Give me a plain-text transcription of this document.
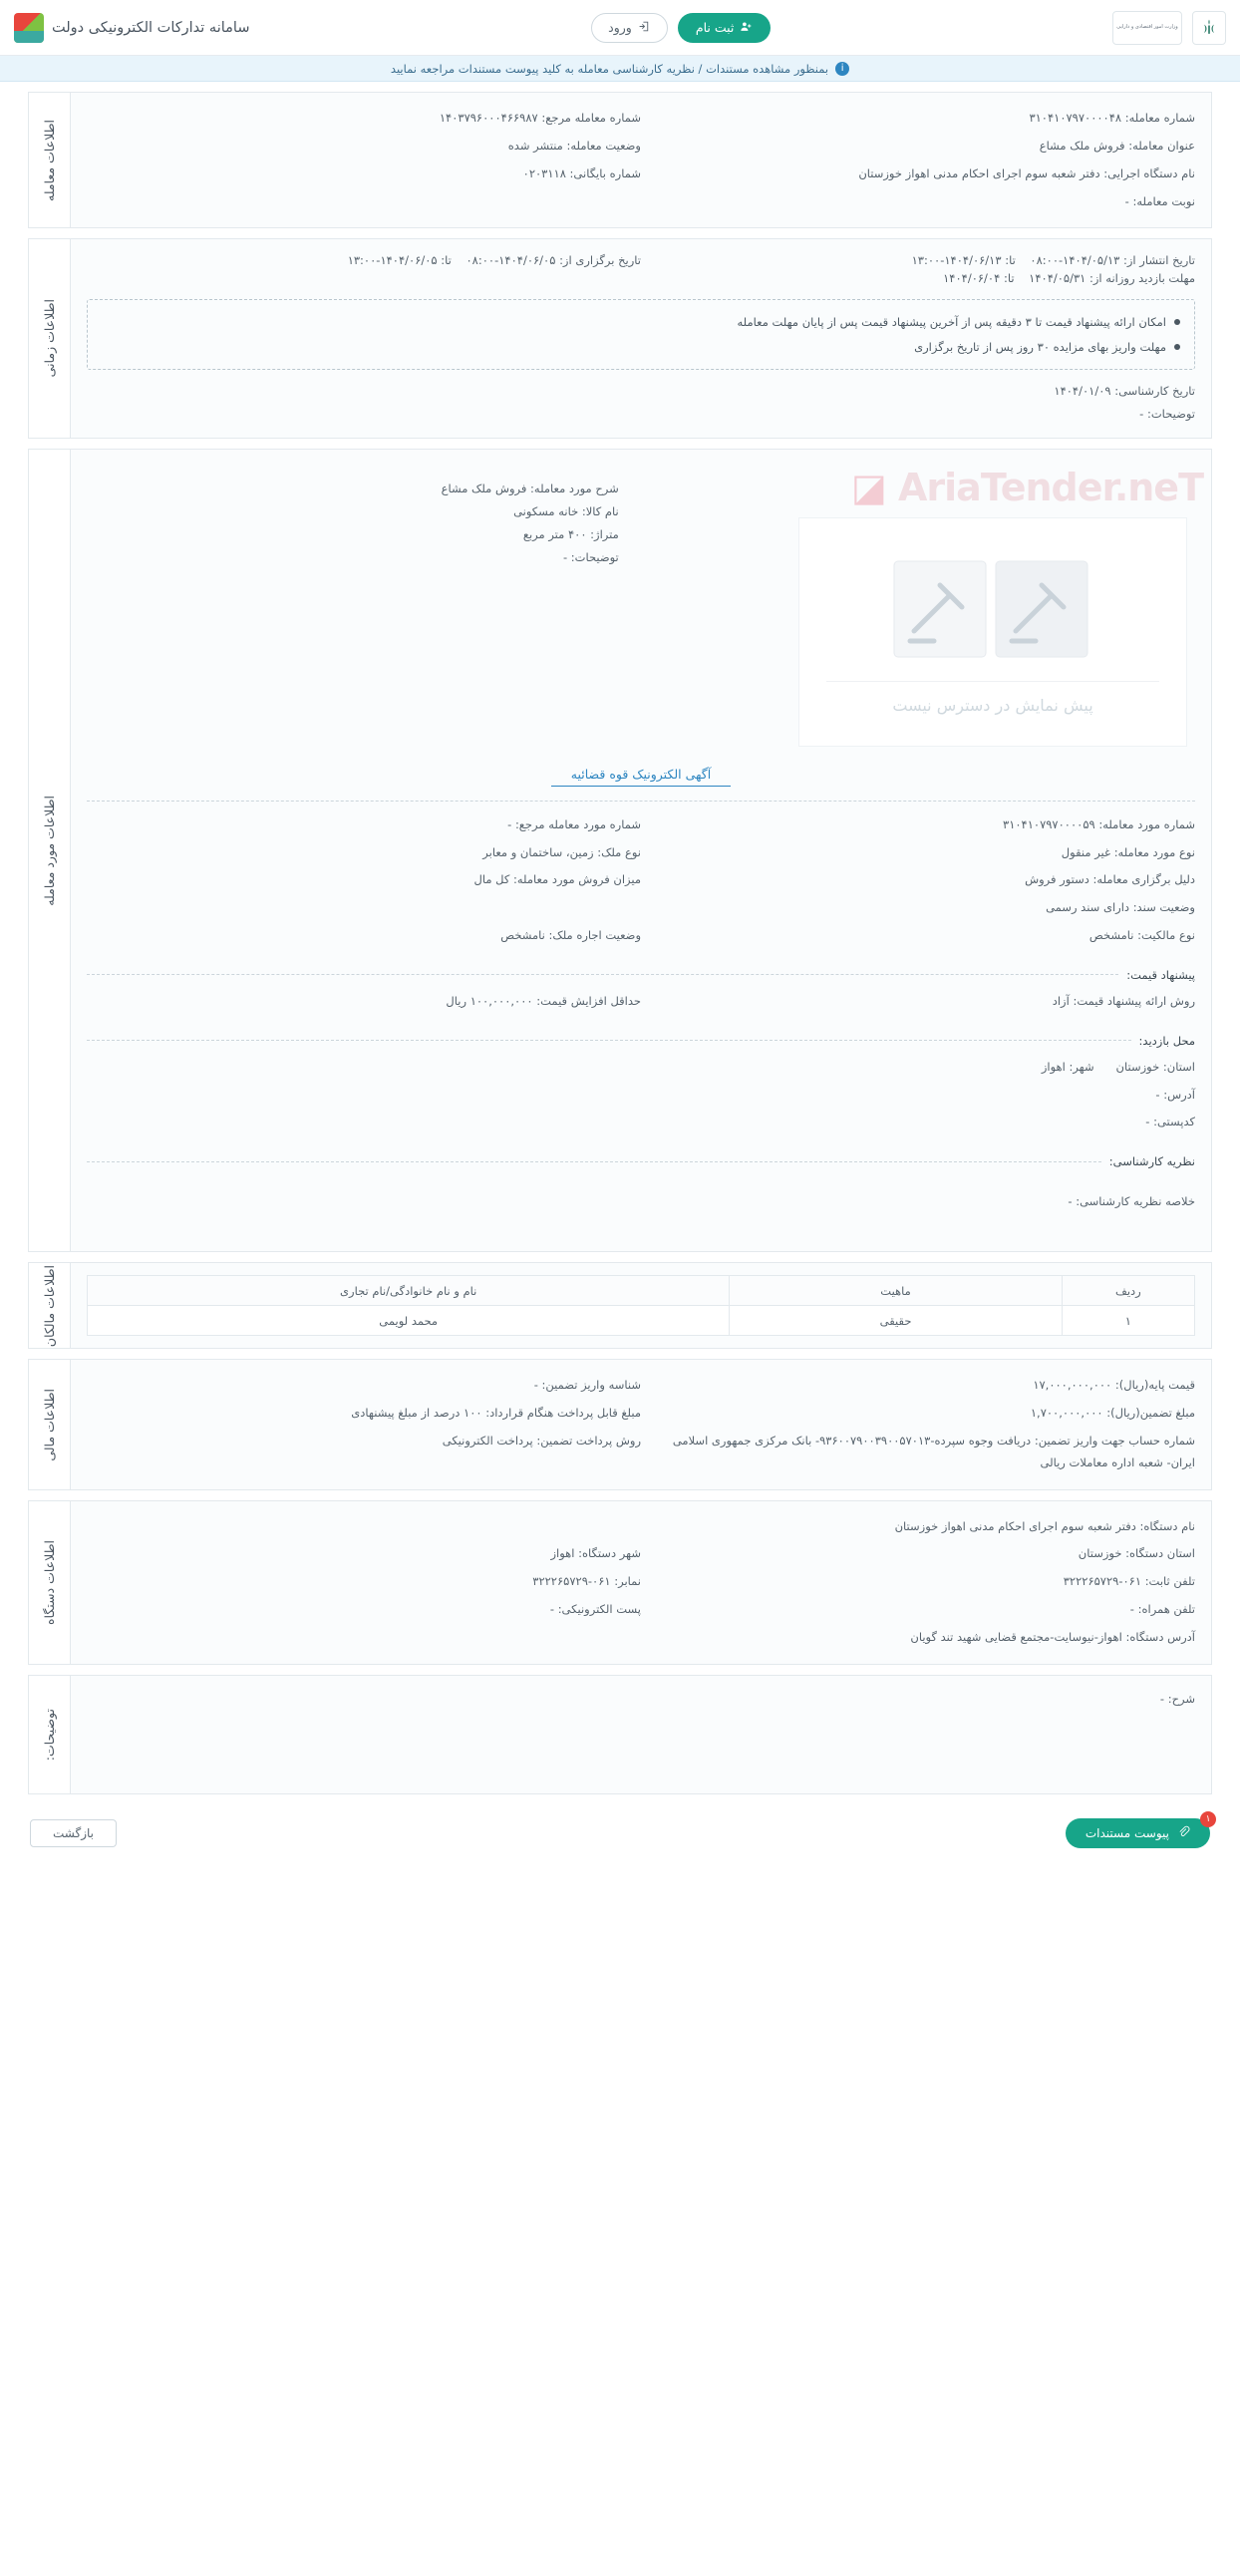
وزارت امور اقتصادی و دارایی
ثبت نام
ورود
سامانه تدارکات الکترونیکی دولت
i
بمنظور مشاهده مستندات / نظریه کارشناسی معامله به کلید پیوست مستندات مراجعه نمایید
شماره معامله: ۳۱۰۴۱۰۷۹۷۰۰۰۰۴۸
شماره معامله مرجع: ۱۴۰۳۷۹۶۰۰۰۴۶۶۹۸۷
عنوان معامله: فروش ملک مشاع
وضعیت معامله: منتشر شده
نام دستگاه اجرایی: دفتر شعبه سوم اجرای احکام مدنی اهواز خوزستان
شماره بایگانی: ۰۲۰۳۱۱۸
نوبت معامله: -
اطلاعات معامله
تاریخ انتشار از: ۱۴۰۴/۰۵/۱۳-۰۸:۰۰    تا: ۱۴۰۴/۰۶/۱۳-۱۳:۰۰
تاریخ برگزاری از: ۱۴۰۴/۰۶/۰۵-۰۸:۰۰    تا: ۱۴۰۴/۰۶/۰۵-۱۳:۰۰
مهلت بازدید روزانه از: ۱۴۰۴/۰۵/۳۱    تا: ۱۴۰۴/۰۶/۰۴
امکان ارائه پیشنهاد قیمت تا ۳ دقیقه پس از آخرین پیشنهاد قیمت پس از پایان مهلت معامله
مهلت واریز بهای مزایده ۳۰ روز پس از تاریخ برگزاری
تاریخ کارشناسی: ۱۴۰۴/۰۱/۰۹
توضیحات: -
اطلاعات زمانی
◪ AriaTender.neT
پیش نمایش در دسترس نیست
شرح مورد معامله: فروش ملک مشاع
نام کالا: خانه مسکونی
متراژ: ۴۰۰ متر مربع
توضیحات: -
آگهی الکترونیک قوه قضائیه
شماره مورد معامله: ۳۱۰۴۱۰۷۹۷۰۰۰۰۵۹
شماره مورد معامله مرجع: -
نوع مورد معامله: غیر منقول
نوع ملک: زمین، ساختمان و معابر
دلیل برگزاری معامله: دستور فروش
میزان فروش مورد معامله: کل مال
وضعیت سند: دارای سند رسمی
نوع مالکیت: نامشخص
وضعیت اجاره ملک: نامشخص
پیشنهاد قیمت:
روش ارائه پیشنهاد قیمت: آزاد
حداقل افزایش قیمت: ۱۰۰,۰۰۰,۰۰۰ ریال
محل بازدید:
استان: خوزستان      شهر: اهواز
آدرس: -
کدپستی: -
نظریه کارشناسی:
خلاصه نظریه کارشناسی: -
اطلاعات مورد معامله
ردیف	ماهیت	نام و نام خانوادگی/نام تجاری
۱	حقیقی	محمد لویمی
اطلاعات مالکان
قیمت پایه(ریال): ۱۷,۰۰۰,۰۰۰,۰۰۰
شناسه واریز تضمین: -
مبلغ تضمین(ریال): ۱,۷۰۰,۰۰۰,۰۰۰
مبلغ قابل پرداخت هنگام قرارداد: ۱۰۰ درصد از مبلغ پیشنهادی
شماره حساب جهت واریز تضمین: دریافت وجوه سپرده-۹۳۶۰۰۷۹۰۰۳۹۰۰۵۷۰۱۳- بانک مرکزی جمهوری اسلامی ایران- شعبه اداره معاملات ریالی
روش پرداخت تضمین: پرداخت الکترونیکی
اطلاعات مالی
نام دستگاه: دفتر شعبه سوم اجرای احکام مدنی اهواز خوزستان
استان دستگاه: خوزستان
شهر دستگاه: اهواز
تلفن ثابت: ۰۶۱-۳۲۲۲۶۵۷۲۹
نمابر: ۰۶۱-۳۲۲۲۶۵۷۲۹
تلفن همراه: -
پست الکترونیکی: -
آدرس دستگاه: اهواز-نیوسایت-مجتمع قضایی شهید تند گویان
اطلاعات دستگاه
شرح: -
توضیحات:
۱
پیوست مستندات
بازگشت
